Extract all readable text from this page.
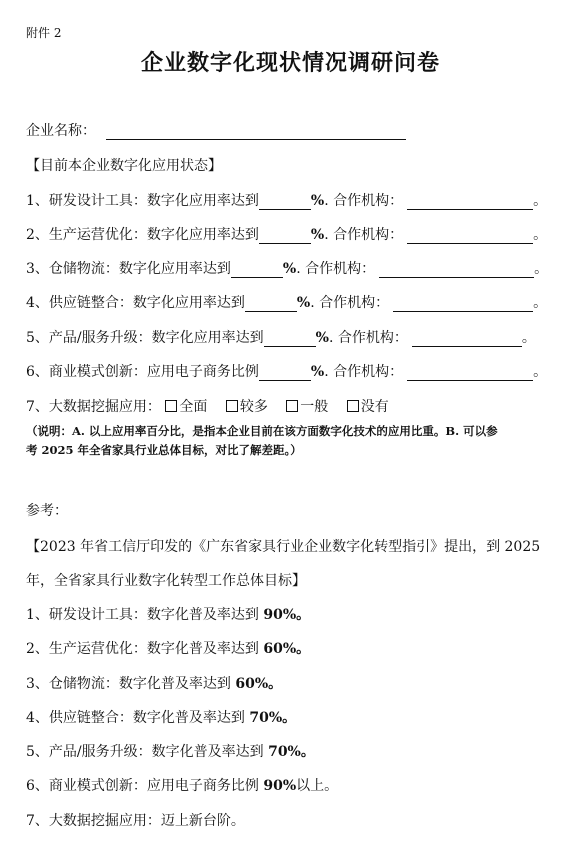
附件 2
企业数字化现状情况调研问卷
企业名称：
【目前本企业数字化应用状态】
1、研发设计工具：数字化应用率达到	%. 合作机构：	。
2、生产运营优化：数字化应用率达到	%. 合作机构：	。
3、仓储物流：数字化应用率达到	%. 合作机构：	。
4、供应链整合：数字化应用率达到	%. 合作机构：	。
5、产品/服务升级：数字化应用率达到	%. 合作机构：	。
6、商业模式创新：应用电子商务比例	%. 合作机构：	。
7、大数据挖掘应用： 全面 较多 一般 没有
（说明：A. 以上应用率百分比，是指本企业目前在该方面数字化技术的应用比重。B. 可以参
考 2025 年全省家具行业总体目标，对比了解差距。）
参考：
【2023 年省工信厅印发的《广东省家具行业企业数字化转型指引》提出，到 2025
年，全省家具行业数字化转型工作总体目标】
1、研发设计工具：数字化普及率达到 90%。
2、生产运营优化：数字化普及率达到 60%。
3、仓储物流：数字化普及率达到 60%。
4、供应链整合：数字化普及率达到 70%。
5、产品/服务升级：数字化普及率达到 70%。
6、商业模式创新：应用电子商务比例 90%以上。
7、大数据挖掘应用：迈上新台阶。
